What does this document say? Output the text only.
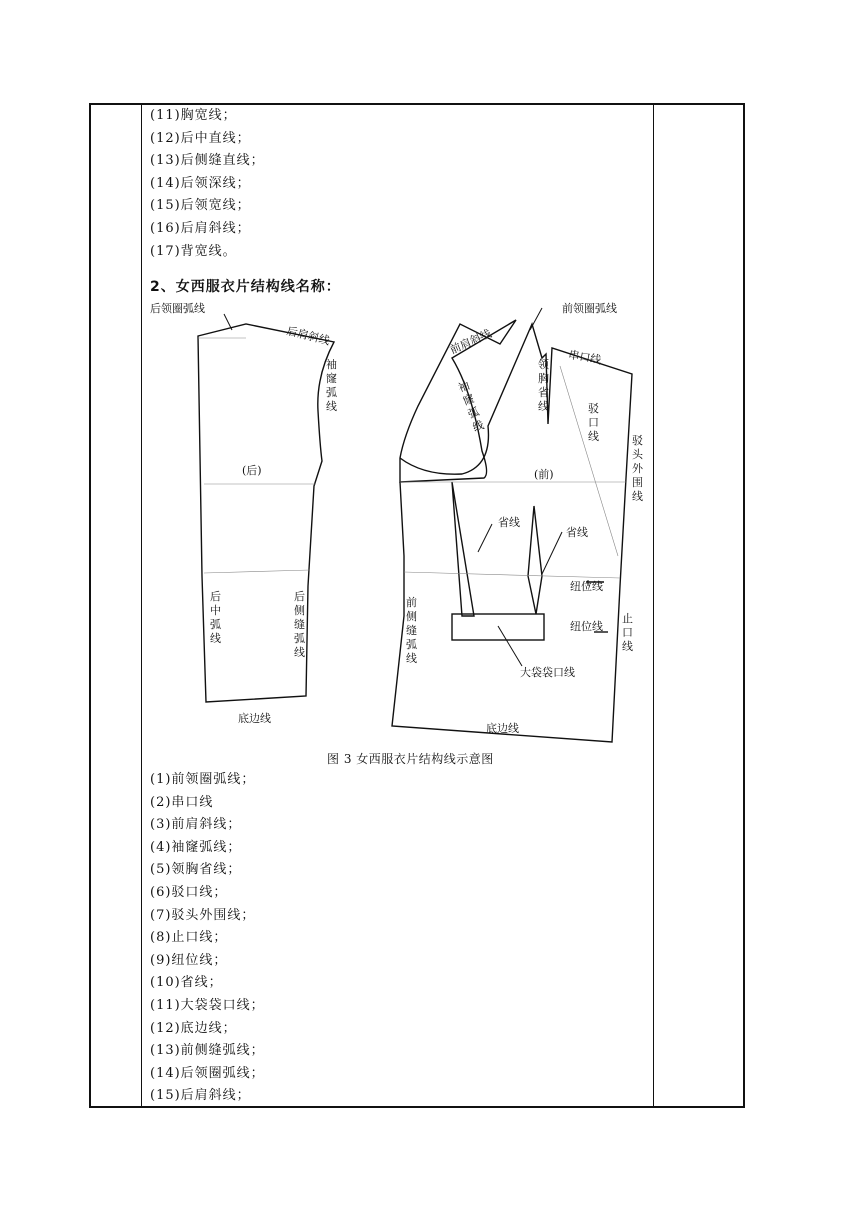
(11)胸宽线；
(12)后中直线；
(13)后侧缝直线；
(14)后领深线；
(15)后领宽线；
(16)后肩斜线；
(17)背宽线。
2、女西服衣片结构线名称：
后领圈弧线
后肩斜线
袖
窿
弧
线
(后)
后
中
弧
线
后
侧
缝
弧
线
底边线
前肩斜线
前领圈弧线
串口线
领
胸
省
线	驳
口
线	驳
头
外
围
线
袖
窿
弧
线
(前)
省线
省线
纽位线
纽位线
止
口
线
前
侧
缝
弧
线
大袋袋口线
底边线
图 3 女西服衣片结构线示意图
(1)前领圈弧线；
(2)串口线
(3)前肩斜线；
(4)袖窿弧线；
(5)领胸省线；
(6)驳口线；
(7)驳头外围线；
(8)止口线；
(9)纽位线；
(10)省线；
(11)大袋袋口线；
(12)底边线；
(13)前侧缝弧线；
(14)后领圈弧线；
(15)后肩斜线；
